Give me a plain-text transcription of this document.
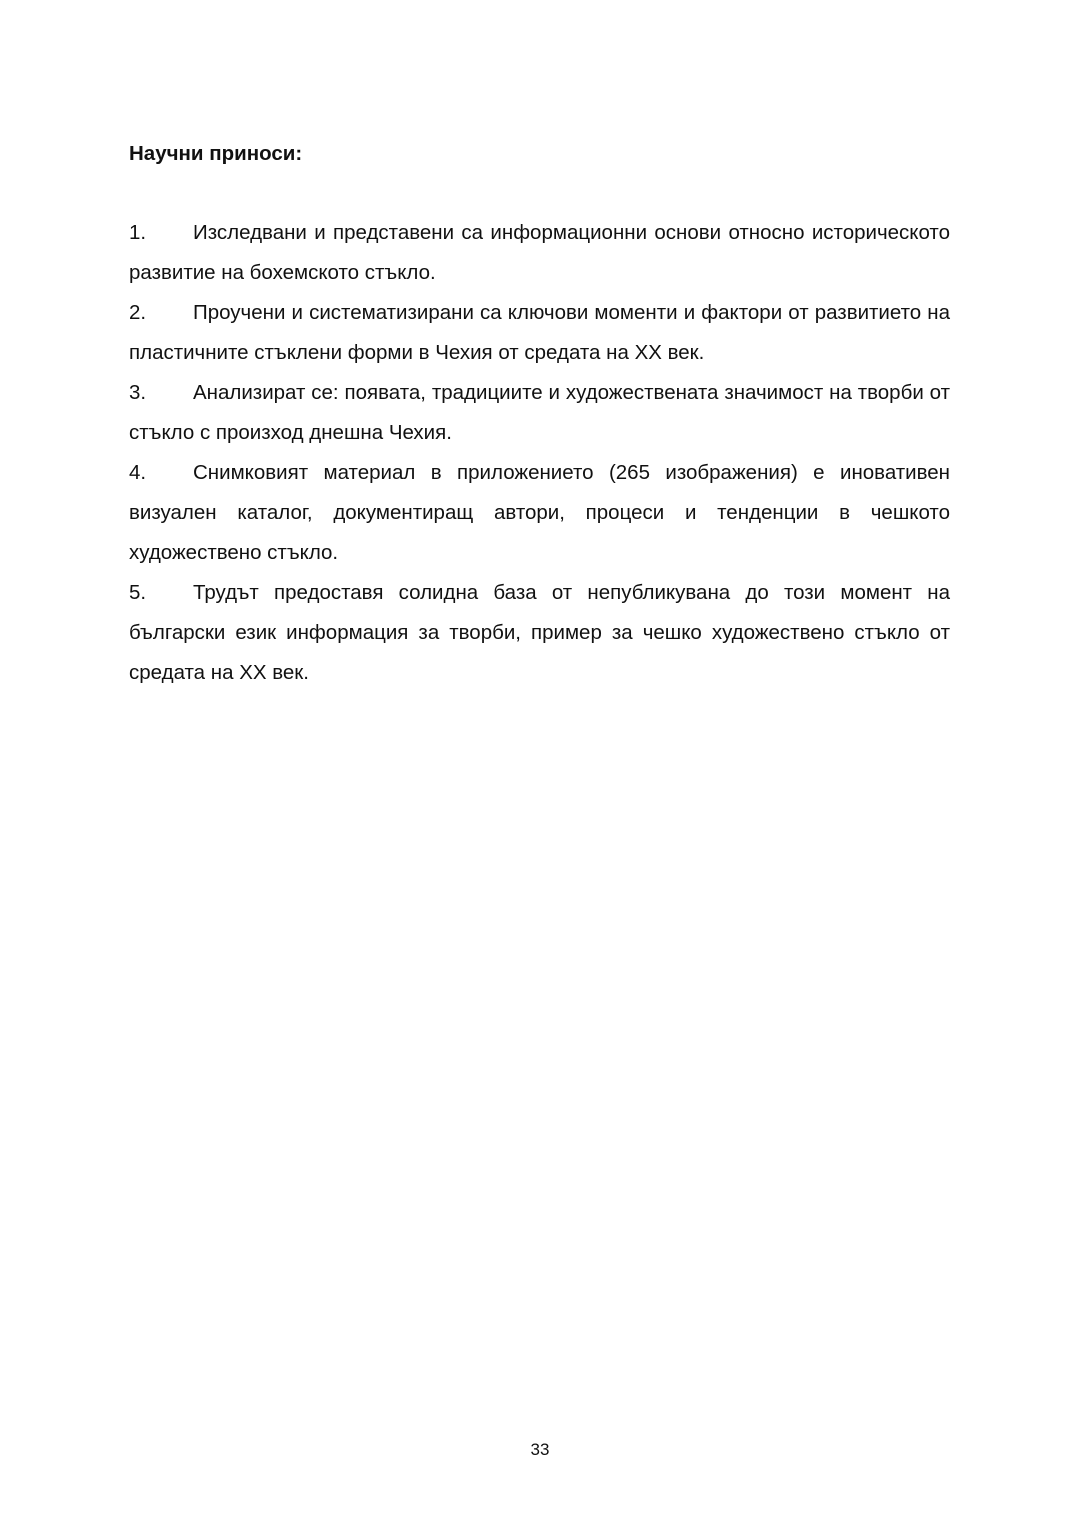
Научни приноси:

1. Изследвани и представени са информационни основи относно историческото развитие на бохемското стъкло.

2. Проучени и систематизирани са ключови моменти и фактори от развитието на пластичните стъклени форми в Чехия от средата на ХХ век.

3. Анализират се: появата, традициите и художествената значимост на творби от стъкло с произход днешна Чехия.

4. Снимковият материал в приложението (265 изображения) е иновативен визуален каталог, документиращ автори, процеси и тенденции в чешкото художествено стъкло.

5. Трудът предоставя солидна база от непубликувана до този момент на български език информация за творби, пример за чешко художествено стъкло от средата на ХХ век.

33
